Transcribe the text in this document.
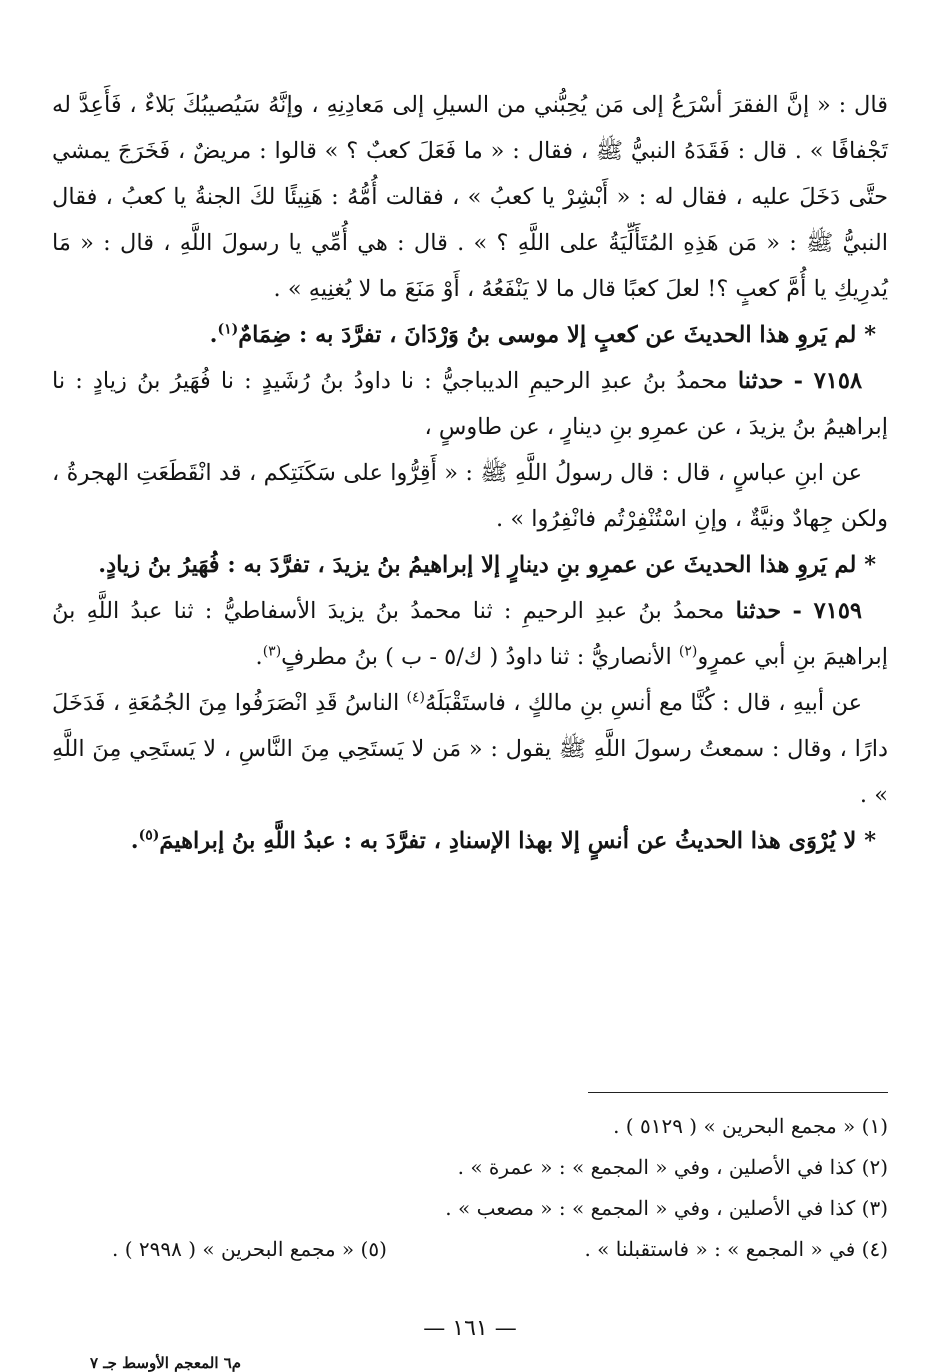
قال : « إنَّ الفقرَ أسْرَعُ إلى مَن يُحِبُّني من السيلِ إلى مَعادِنِهِ ، وإنَّهُ سَيُصيبُكَ بَلاءٌ ، فَأَعِدَّ له تَجْفافًا » . قال : فَقَدَهُ النبيُّ ﷺ ، فقال : « ما فَعَلَ كعبٌ ؟ » قالوا : مريضٌ ، فَخَرَجَ يمشي حتَّى دَخَلَ عليه ، فقال له : « أَبْشِرْ يا كعبُ » ، فقالت أُمُّهُ : هَنِيئًا لكَ الجنةُ يا كعبُ ، فقال النبيُّ ﷺ : « مَن هَذِهِ المُتَأَلِّيَةُ على اللَّهِ ؟ » . قال : هي أُمِّي يا رسولَ اللَّهِ ، قال : « مَا يُدرِيكِ يا أُمَّ كعبٍ ؟! لعلَ كعبًا قال ما لا يَنْفَعُهُ ، أَوْ مَنَعَ ما لا يُغنِيهِ » .

* لم يَروِ هذا الحديثَ عن كعبٍ إلا موسى بنُ وَرْدَانَ ، تفرَّدَ به : ضِمَامٌ$^{(١)}$.

٧١٥٨ - حدثنا محمدُ بنُ عبدِ الرحيمِ الديباجيُّ : نا داودُ بنُ رُشَيدٍ : نا فُهَيرُ بنُ زيادٍ : نا إبراهيمُ بنُ يزيدَ ، عن عمرِو بنِ دينارٍ ، عن طاوسٍ ،

عن ابنِ عباسٍ ، قال : قال رسولُ اللَّهِ ﷺ : « أَقِرُّوا على سَكَنَتِكم ، قد انْقَطَعَتِ الهجرةُ ، ولكن جِهادٌ ونيَّةٌ ، وإنِ اسْتُنْفِرْتُم فانْفِرُوا » .

* لم يَروِ هذا الحديثَ عن عمرِو بنِ دينارٍ إلا إبراهيمُ بنُ يزيدَ ، تفرَّدَ به : فُهَيرُ بنُ زيادٍ.

٧١٥٩ - حدثنا محمدُ بنُ عبدِ الرحيمِ : ثنا محمدُ بنُ يزيدَ الأسفاطيُّ : ثنا عبدُ اللَّهِ بنُ إبراهيمَ بنِ أبي عمرٍو$^{(٢)}$ الأنصاريُّ : ثنا داودُ ( ك/٥ - ب ) بنُ مطرفٍ$^{(٣)}$.

عن أبيهِ ، قال : كُنَّا مع أنسِ بنِ مالكٍ ، فاستَقْبَلَهُ$^{(٤)}$ الناسُ قَدِ انْصَرَفُوا مِنَ الجُمُعَةِ ، فَدَخَلَ دارًا ، وقال : سمعتُ رسولَ اللَّهِ ﷺ يقول : « مَن لا يَستَحِي مِنَ النَّاسِ ، لا يَستَحِي مِنَ اللَّهِ » .

* لا يُرْوَى هذا الحديثُ عن أنسٍ إلا بهذا الإسنادِ ، تفرَّدَ به : عبدُ اللَّهِ بنُ إبراهيمَ$^{(٥)}$.

(١) « مجمع البحرين » ( ٥١٢٩ ) .
(٢) كذا في الأصلين ، وفي « المجمع » : « عمرة » .
(٣) كذا في الأصلين ، وفي « المجمع » : « مصعب » .
(٤) في « المجمع » : « فاستقبلنا » .
(٥) « مجمع البحرين » ( ٢٩٩٨ ) .
— ١٦١ —
م٦ المعجم الأوسط جـ ٧
